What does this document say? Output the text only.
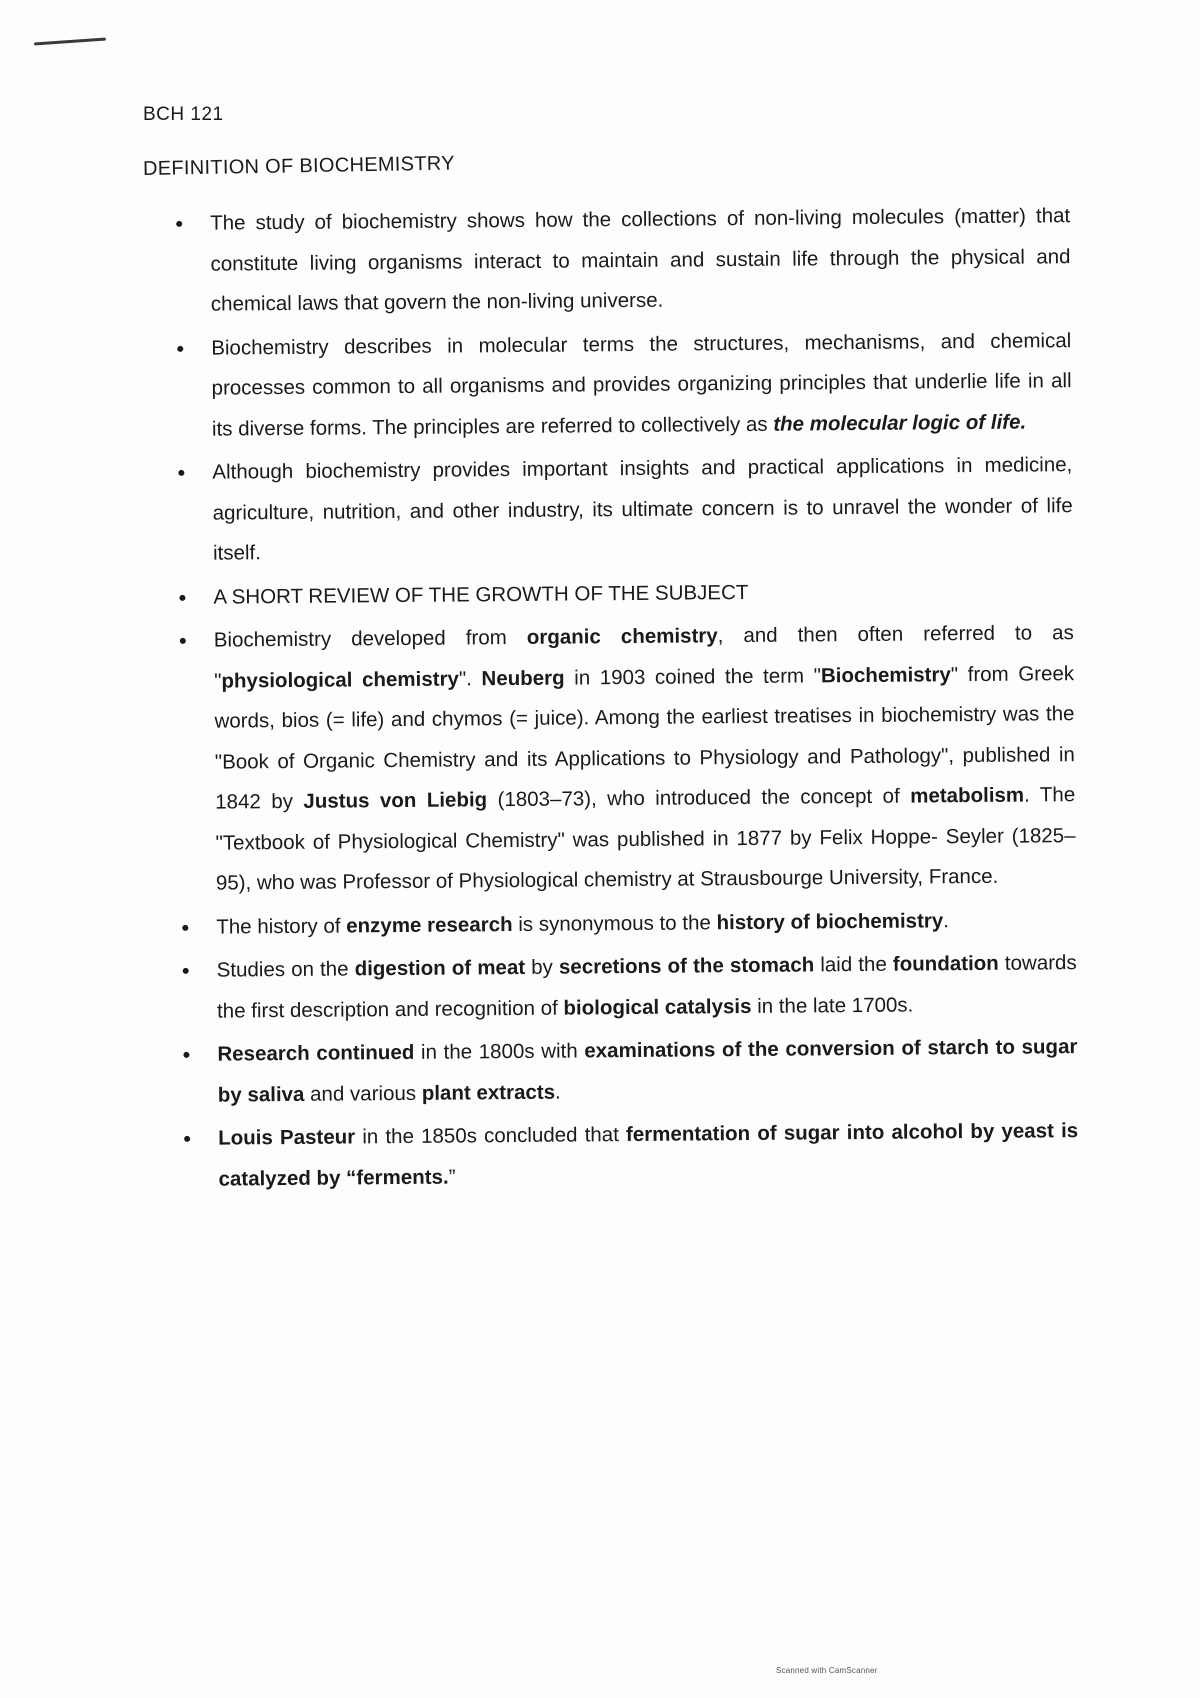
BCH 121
DEFINITION OF BIOCHEMISTRY
The study of biochemistry shows how the collections of non-living molecules (matter) that constitute living organisms interact to maintain and sustain life through the physical and chemical laws that govern the non-living universe.
Biochemistry describes in molecular terms the structures, mechanisms, and chemical processes common to all organisms and provides organizing principles that underlie life in all its diverse forms. The principles are referred to collectively as the molecular logic of life.
Although biochemistry provides important insights and practical applications in medicine, agriculture, nutrition, and other industry, its ultimate concern is to unravel the wonder of life itself.
A SHORT REVIEW OF THE GROWTH OF THE SUBJECT
Biochemistry developed from organic chemistry, and then often referred to as "physiological chemistry". Neuberg in 1903 coined the term "Biochemistry" from Greek words, bios (= life) and chymos (= juice). Among the earliest treatises in biochemistry was the "Book of Organic Chemistry and its Applications to Physiology and Pathology", published in 1842 by Justus von Liebig (1803–73), who introduced the concept of metabolism. The "Textbook of Physiological Chemistry" was published in 1877 by Felix Hoppe- Seyler (1825–95), who was Professor of Physiological chemistry at Strausbourge University, France.
The history of enzyme research is synonymous to the history of biochemistry.
Studies on the digestion of meat by secretions of the stomach laid the foundation towards the first description and recognition of biological catalysis in the late 1700s.
Research continued in the 1800s with examinations of the conversion of starch to sugar by saliva and various plant extracts.
Louis Pasteur in the 1850s concluded that fermentation of sugar into alcohol by yeast is catalyzed by “ferments.”
Scanned with CamScanner
